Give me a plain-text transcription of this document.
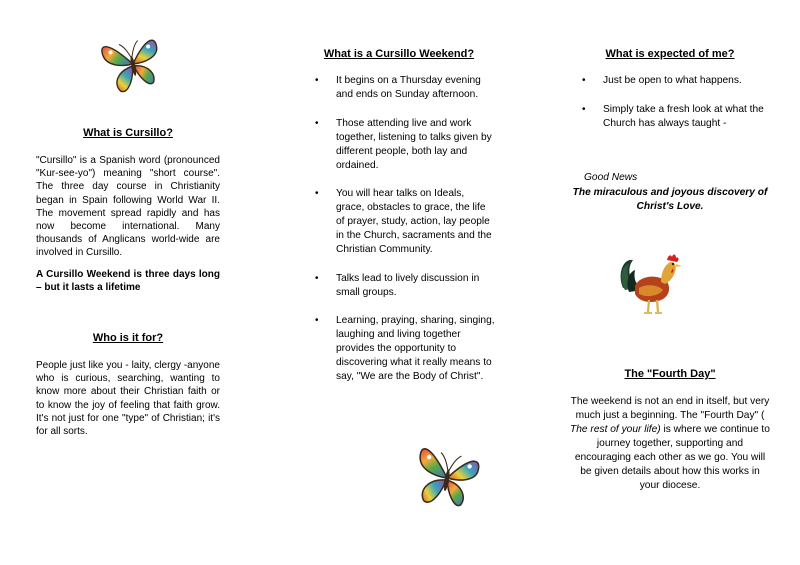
What is Cursillo?

"Cursillo" is a Spanish word (pronounced "Kur-see-yo") meaning "short course". The three day course in Christianity began in Spain following World War II. The movement spread rapidly and has now become international. Many thousands of Anglicans world-wide are involved in Cursillo.

A Cursillo Weekend is three days long – but it lasts a lifetime

Who is it for?

People just like you - laity, clergy -anyone who is curious, searching, wanting to know more about their Christian faith or to know the joy of feeling that faith grow. It's not just for one "type" of Christian; it's for all sorts.

What is a Cursillo Weekend?
• It begins on a Thursday evening and ends on Sunday afternoon.
• Those attending live and work together, listening to talks given by different people, both lay and ordained.
• You will hear talks on Ideals, grace, obstacles to grace, the life of prayer, study, action, lay people in the Church, sacraments and the Christian Community.
• Talks lead to lively discussion in small groups.
• Learning, praying, sharing, singing, laughing and living together provides the opportunity to discovering what it really means to say, "We are the Body of Christ".
What is expected of me?
• Just be open to what happens.
• Simply take a fresh look at what the Church has always taught -

Good News

The miraculous and joyous discovery of Christ's Love.

The "Fourth Day"

The weekend is not an end in itself, but very much just a beginning. The "Fourth Day" ( The rest of your life) is where we continue to journey together, supporting and encouraging each other as we go. You will be given details about how this works in your diocese.
